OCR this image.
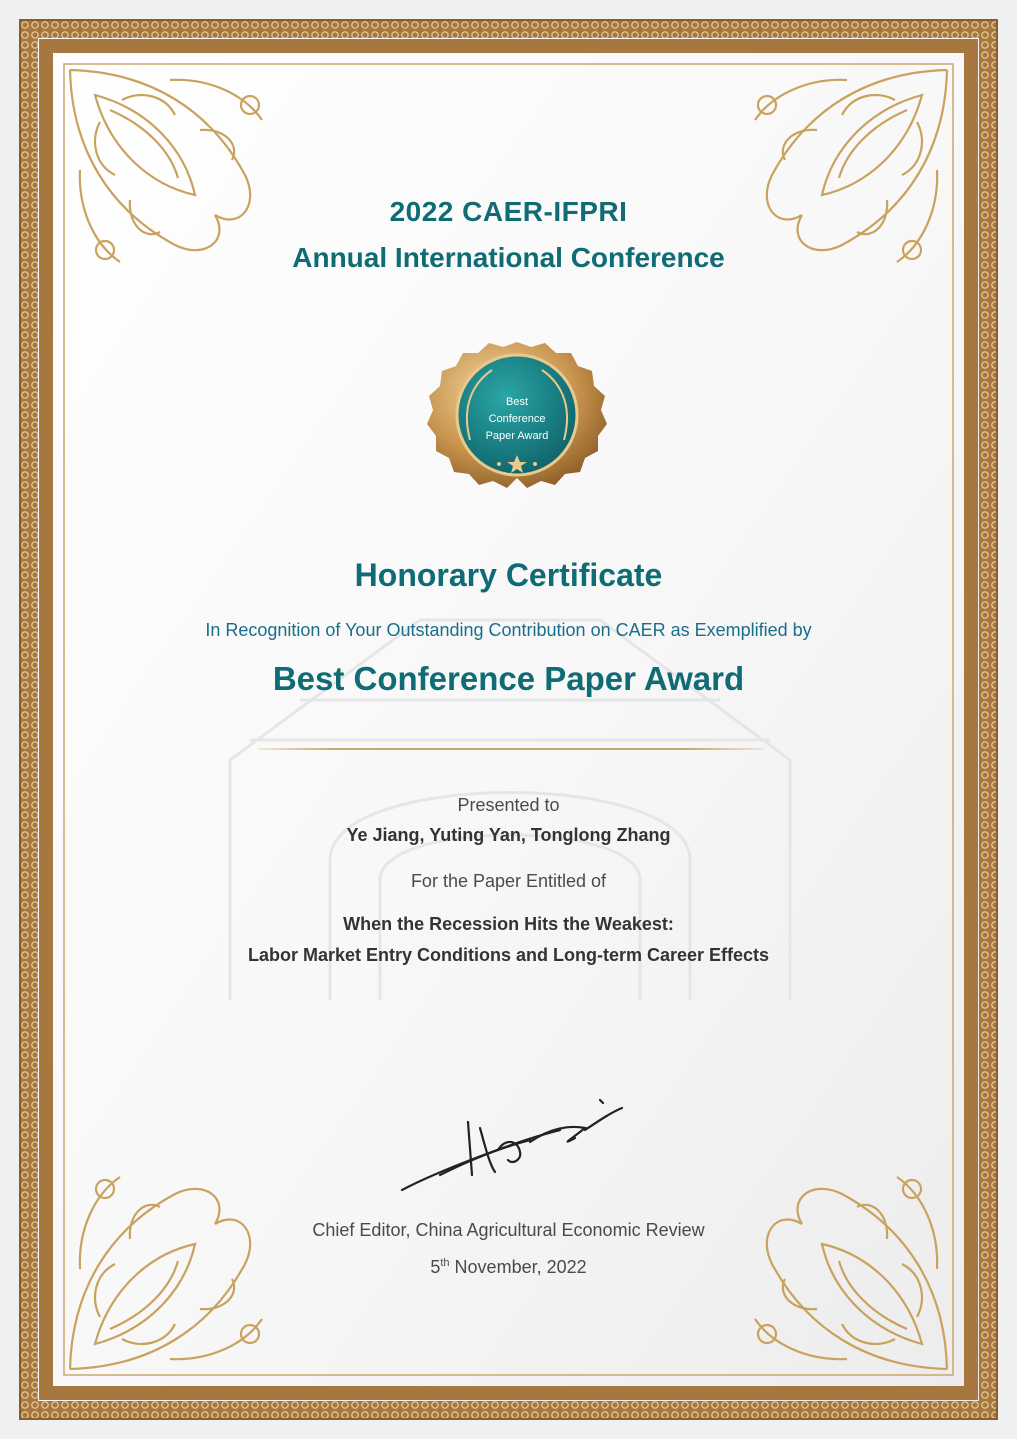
Best
Conference
Paper Award

2022 CAER-IFPRI

Annual International Conference

Honorary Certificate

In Recognition of Your Outstanding Contribution on CAER as Exemplified by

Best Conference Paper Award

Presented to

Ye Jiang, Yuting Yan, Tonglong Zhang

For the Paper Entitled of

When the Recession Hits the Weakest:

Labor Market Entry Conditions and Long-term Career Effects

Chief Editor, China Agricultural Economic Review

5th November, 2022
